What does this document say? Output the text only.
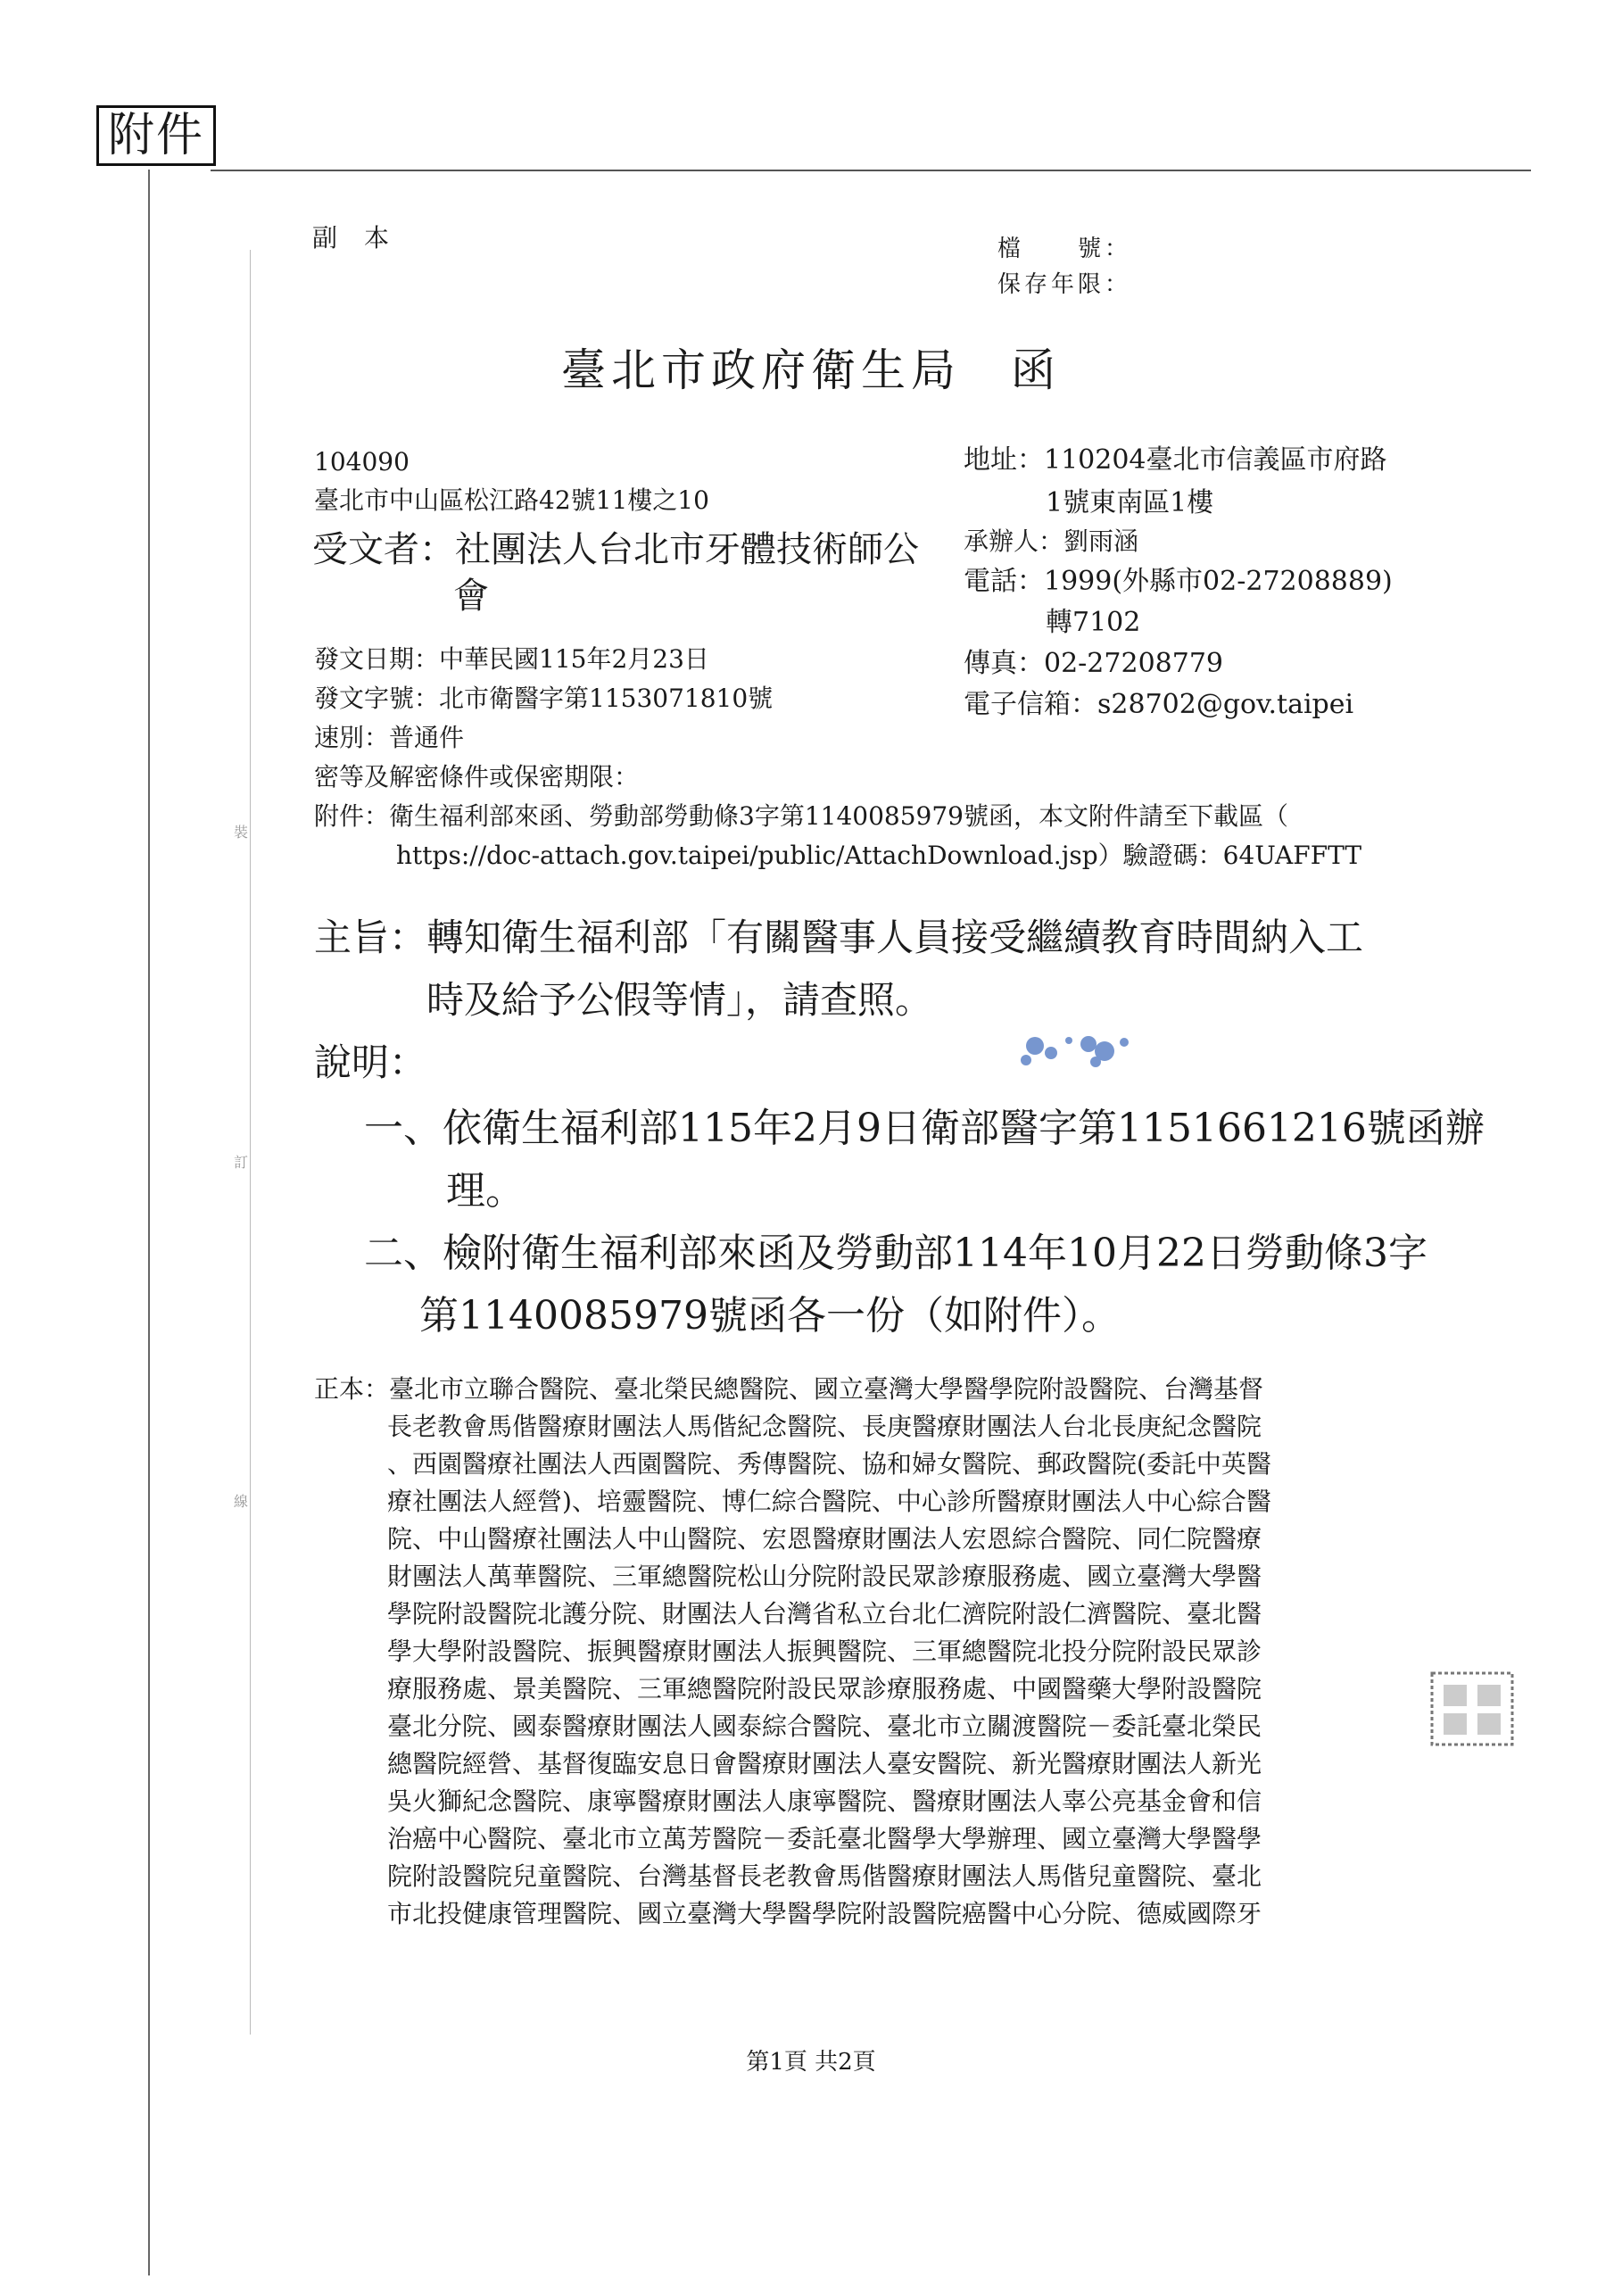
附件
裝
訂
線
副本	檔　　號：
保存年限：
臺北市政府衛生局　函
104090
臺北市中山區松江路42號11樓之10
地址：110204臺北市信義區市府路
1號東南區1樓
承辦人：劉雨涵
電話：1999(外縣市02-27208889)
轉7102
傳真：02-27208779
電子信箱：s28702@gov.taipei
受文者：社團法人台北市牙體技術師公
會
發文日期：中華民國115年2月23日
發文字號：北市衛醫字第1153071810號
速別：普通件
密等及解密條件或保密期限：
附件：衛生福利部來函、勞動部勞動條3字第1140085979號函，本文附件請至下載區（
https://doc-attach.gov.taipei/public/AttachDownload.jsp）驗證碼：64UAFFTT
主旨：轉知衛生福利部「有關醫事人員接受繼續教育時間納入工
時及給予公假等情」，請查照。
說明：
一、依衛生福利部115年2月9日衛部醫字第1151661216號函辦
理。
二、檢附衛生福利部來函及勞動部114年10月22日勞動條3字
第1140085979號函各一份（如附件）。
正本：臺北市立聯合醫院、臺北榮民總醫院、國立臺灣大學醫學院附設醫院、台灣基督
長老教會馬偕醫療財團法人馬偕紀念醫院、長庚醫療財團法人台北長庚紀念醫院
、西園醫療社團法人西園醫院、秀傳醫院、協和婦女醫院、郵政醫院(委託中英醫
療社團法人經營)、培靈醫院、博仁綜合醫院、中心診所醫療財團法人中心綜合醫
院、中山醫療社團法人中山醫院、宏恩醫療財團法人宏恩綜合醫院、同仁院醫療
財團法人萬華醫院、三軍總醫院松山分院附設民眾診療服務處、國立臺灣大學醫
學院附設醫院北護分院、財團法人台灣省私立台北仁濟院附設仁濟醫院、臺北醫
學大學附設醫院、振興醫療財團法人振興醫院、三軍總醫院北投分院附設民眾診
療服務處、景美醫院、三軍總醫院附設民眾診療服務處、中國醫藥大學附設醫院
臺北分院、國泰醫療財團法人國泰綜合醫院、臺北市立關渡醫院－委託臺北榮民
總醫院經營、基督復臨安息日會醫療財團法人臺安醫院、新光醫療財團法人新光
吳火獅紀念醫院、康寧醫療財團法人康寧醫院、醫療財團法人辜公亮基金會和信
治癌中心醫院、臺北市立萬芳醫院－委託臺北醫學大學辦理、國立臺灣大學醫學
院附設醫院兒童醫院、台灣基督長老教會馬偕醫療財團法人馬偕兒童醫院、臺北
市北投健康管理醫院、國立臺灣大學醫學院附設醫院癌醫中心分院、德威國際牙
第1頁 共2頁
